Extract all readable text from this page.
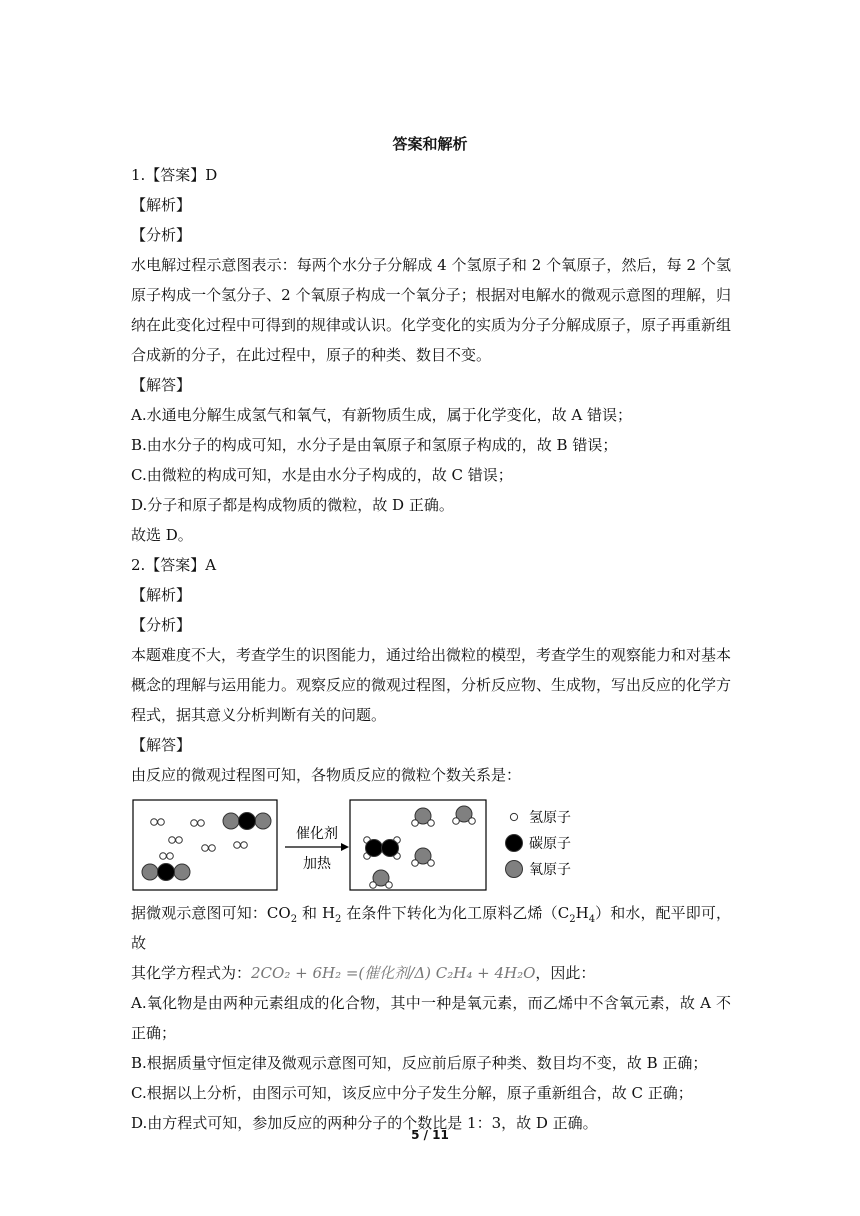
答案和解析

1.【答案】D

【解析】

【分析】

水电解过程示意图表示：每两个水分子分解成 4 个氢原子和 2 个氧原子，然后，每 2 个氢原子构成一个氢分子、2 个氧原子构成一个氧分子；根据对电解水的微观示意图的理解，归纳在此变化过程中可得到的规律或认识。化学变化的实质为分子分解成原子，原子再重新组合成新的分子，在此过程中，原子的种类、数目不变。

【解答】

A.水通电分解生成氢气和氧气，有新物质生成，属于化学变化，故 A 错误；

B.由水分子的构成可知，水分子是由氧原子和氢原子构成的，故 B 错误；

C.由微粒的构成可知，水是由水分子构成的，故 C 错误；

D.分子和原子都是构成物质的微粒，故 D 正确。

故选 D。

2.【答案】A

【解析】

【分析】

本题难度不大，考查学生的识图能力，通过给出微粒的模型，考查学生的观察能力和对基本概念的理解与运用能力。观察反应的微观过程图，分析反应物、生成物，写出反应的化学方程式，据其意义分析判断有关的问题。

【解答】

由反应的微观过程图可知，各物质反应的微粒个数关系是：

催化剂
加热
氢原子
碳原子
氧原子

据微观示意图可知：$CO_2$ 和 $H_2$ 在条件下转化为化工原料乙烯$(C_2H_4)$和水，配平即可，故

其化学方程式为：2CO₂ + 6H₂ =(催化剂/Δ) C₂H₄ + 4H₂O，因此：

A.氧化物是由两种元素组成的化合物，其中一种是氧元素，而乙烯中不含氧元素，故 A 不正确；

B.根据质量守恒定律及微观示意图可知，反应前后原子种类、数目均不变，故 B 正确；

C.根据以上分析，由图示可知，该反应中分子发生分解，原子重新组合，故 C 正确；

D.由方程式可知，参加反应的两种分子的个数比是 1：3，故 D 正确。

5 / 11
